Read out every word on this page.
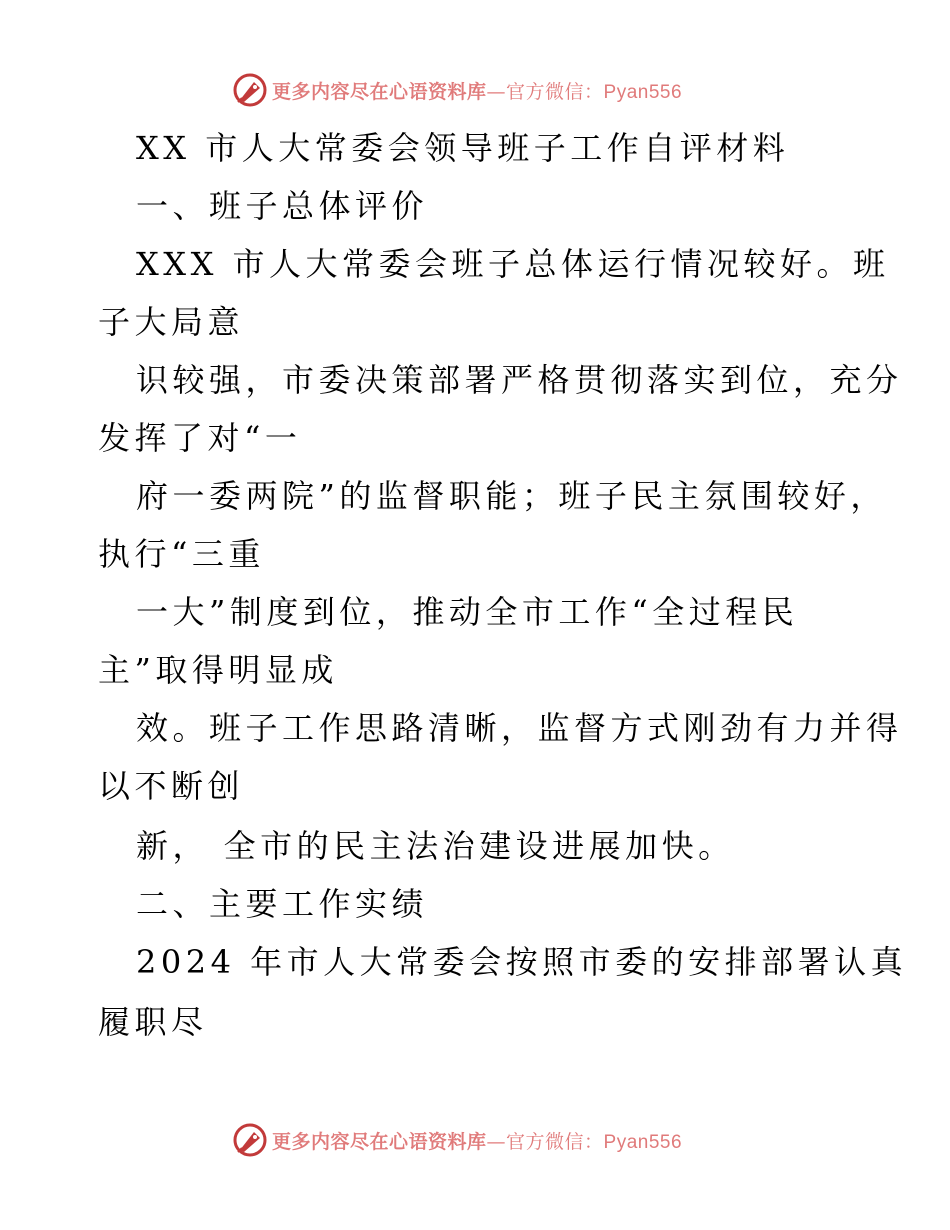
更多内容尽在心语资料库—官方微信：Pyan556
XX 市人大常委会领导班子工作自评材料
一、班子总体评价
XXX 市人大常委会班子总体运行情况较好。班
子大局意
识较强，市委决策部署严格贯彻落实到位，充分
发挥了对“一
府一委两院”的监督职能；班子民主氛围较好，
执行“三重
一大”制度到位，推动全市工作“全过程民
主”取得明显成
效。班子工作思路清晰，监督方式刚劲有力并得
以不断创
新， 全市的民主法治建设进展加快。
二、主要工作实绩
2024 年市人大常委会按照市委的安排部署认真
履职尽
更多内容尽在心语资料库—官方微信：Pyan556
